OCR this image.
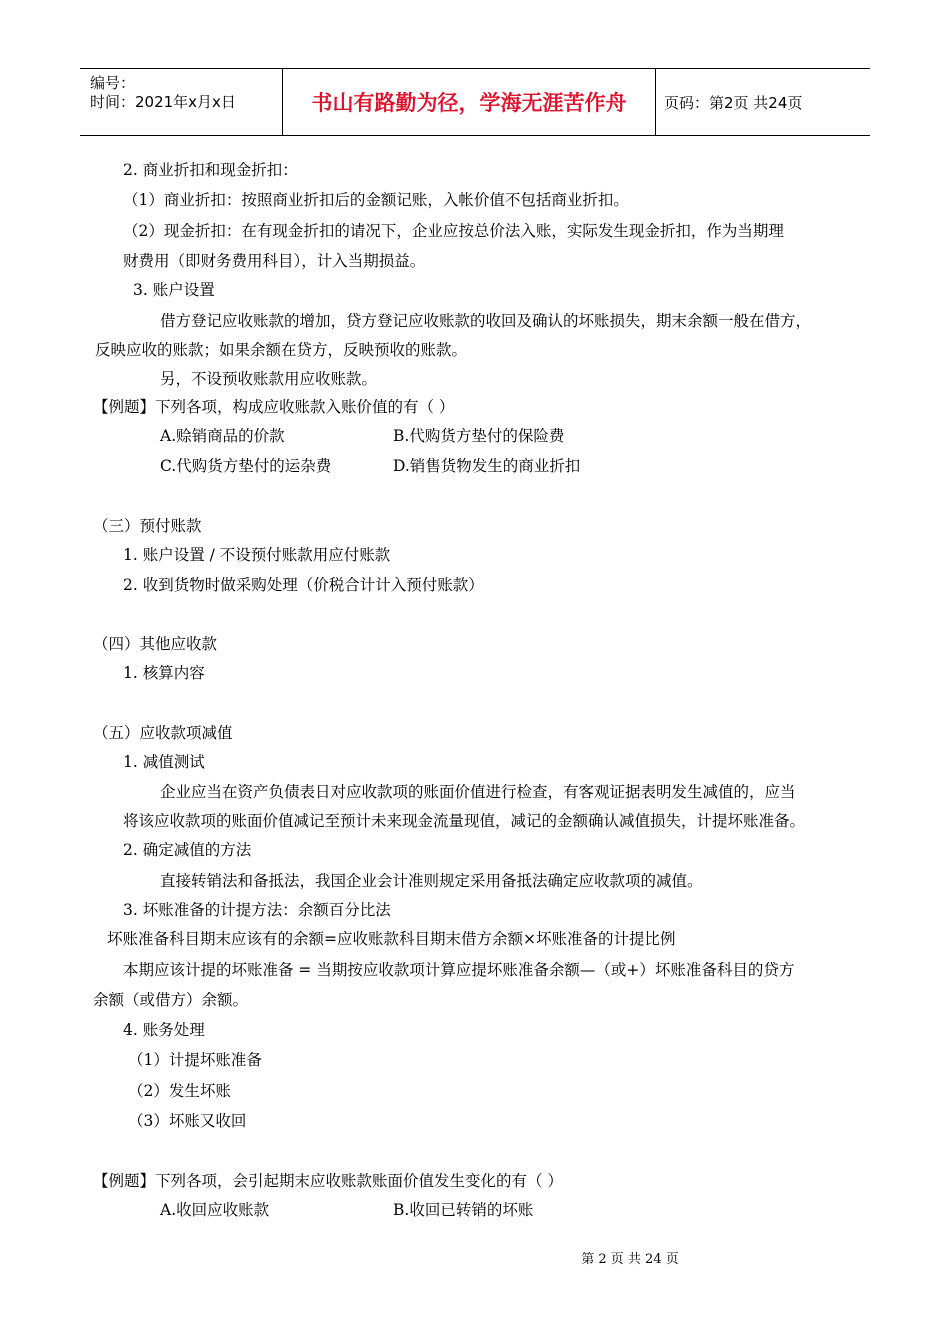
编号：
时间：2021年x月x日	书山有路勤为径，学海无涯苦作舟	页码：第2页 共24页
2. 商业折扣和现金折扣：
（1）商业折扣：按照商业折扣后的金额记账，入帐价值不包括商业折扣。
（2）现金折扣：在有现金折扣的请况下，企业应按总价法入账，实际发生现金折扣，作为当期理
财费用（即财务费用科目），计入当期损益。
3. 账户设置
借方登记应收账款的增加，贷方登记应收账款的收回及确认的坏账损失，期末余额一般在借方，
反映应收的账款；如果余额在贷方，反映预收的账款。
另，不设预收账款用应收账款。
【例题】下列各项，构成应收账款入账价值的有（ ）
A.赊销商品的价款	B.代购货方垫付的保险费
C.代购货方垫付的运杂费	D.销售货物发生的商业折扣
（三）预付账款
1. 账户设置 / 不设预付账款用应付账款
2. 收到货物时做采购处理（价税合计计入预付账款）
（四）其他应收款
1. 核算内容
（五）应收款项减值
1. 减值测试
企业应当在资产负债表日对应收款项的账面价值进行检查，有客观证据表明发生减值的，应当
将该应收款项的账面价值减记至预计未来现金流量现值，减记的金额确认减值损失，计提坏账准备。
2. 确定减值的方法
直接转销法和备抵法，我国企业会计准则规定采用备抵法确定应收款项的减值。
3. 坏账准备的计提方法：余额百分比法
坏账准备科目期末应该有的余额=应收账款科目期末借方余额×坏账准备的计提比例
本期应该计提的坏账准备 = 当期按应收款项计算应提坏账准备余额—（或+）坏账准备科目的贷方
余额（或借方）余额。
4. 账务处理
（1）计提坏账准备
（2）发生坏账
（3）坏账又收回
【例题】下列各项，会引起期末应收账款账面价值发生变化的有（ ）
A.收回应收账款	B.收回已转销的坏账
第 2 页 共 24 页
